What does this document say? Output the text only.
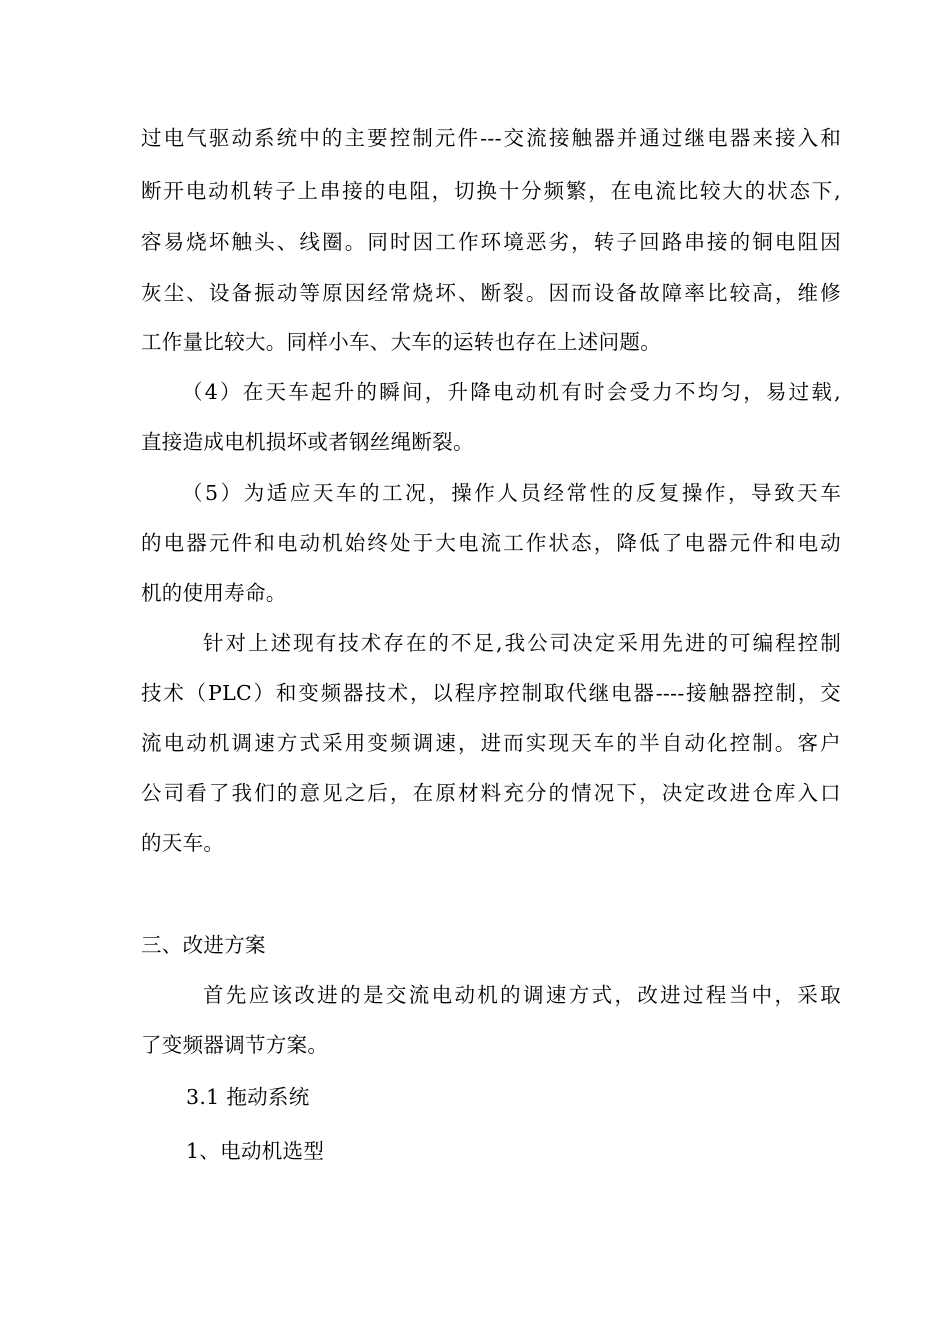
过电气驱动系统中的主要控制元件---交流接触器并通过继电器来接入和
断开电动机转子上串接的电阻，切换十分频繁，在电流比较大的状态下,
容易烧坏触头、线圈。同时因工作环境恶劣，转子回路串接的铜电阻因
灰尘、设备振动等原因经常烧坏、断裂。因而设备故障率比较高，维修
工作量比较大。同样小车、大车的运转也存在上述问题。
（4）在天车起升的瞬间，升降电动机有时会受力不均匀，易过载,
直接造成电机损坏或者钢丝绳断裂。
（5）为适应天车的工况，操作人员经常性的反复操作，导致天车
的电器元件和电动机始终处于大电流工作状态，降低了电器元件和电动
机的使用寿命。
针对上述现有技术存在的不足,我公司决定采用先进的可编程控制
技术（PLC）和变频器技术，以程序控制取代继电器----接触器控制，交
流电动机调速方式采用变频调速，进而实现天车的半自动化控制。客户
公司看了我们的意见之后，在原材料充分的情况下，决定改进仓库入口
的天车。
三、改进方案
首先应该改进的是交流电动机的调速方式，改进过程当中，采取
了变频器调节方案。
3.1 拖动系统
1、电动机选型
